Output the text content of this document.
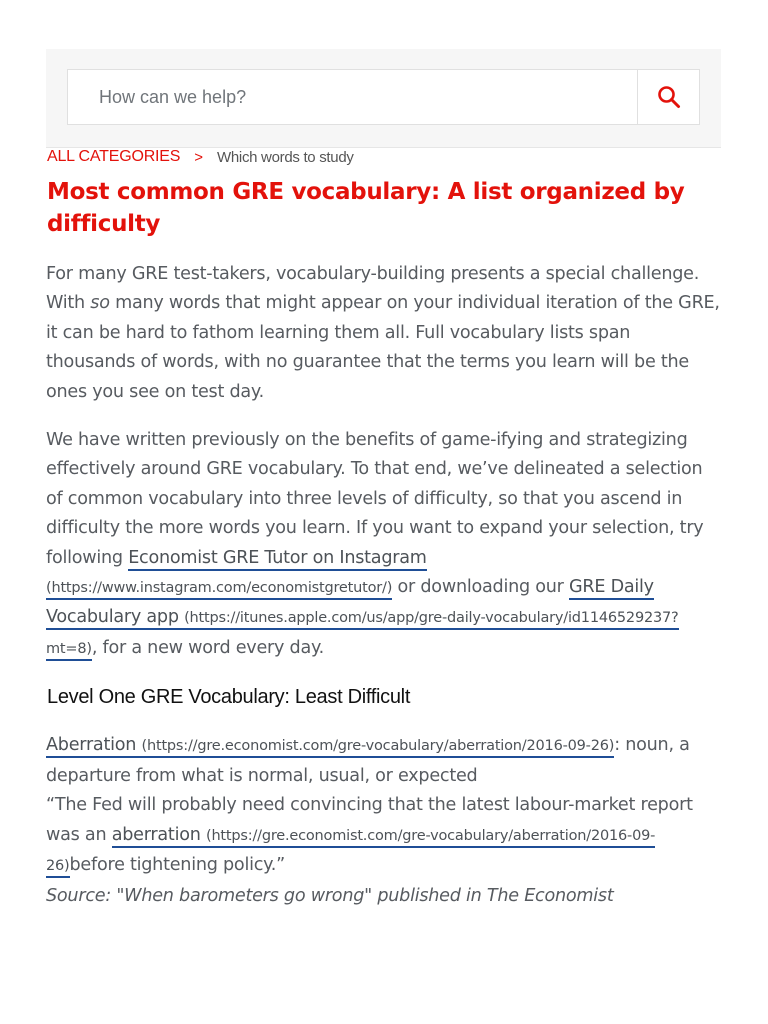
How can we help?
ALL CATEGORIES > Which words to study
Most common GRE vocabulary: A list organized by difficulty

For many GRE test-takers, vocabulary-building presents a special challenge. With so many words that might appear on your individual iteration of the GRE, it can be hard to fathom learning them all. Full vocabulary lists span thousands of words, with no guarantee that the terms you learn will be the ones you see on test day.

We have written previously on the benefits of game-ifying and strategizing effectively around GRE vocabulary. To that end, we’ve delineated a selection of common vocabulary into three levels of difficulty, so that you ascend in difficulty the more words you learn. If you want to expand your selection, try following Economist GRE Tutor on Instagram
(https://www.instagram.com/economistgretutor/) or downloading our GRE Daily Vocabulary app (https://itunes.apple.com/us/app/gre-daily-vocabulary/id1146529237?mt=8), for a new word every day.

Level One GRE Vocabulary: Least Difficult

Aberration (https://gre.economist.com/gre-vocabulary/aberration/2016-09-26): noun, a departure from what is normal, usual, or expected
“The Fed will probably need convincing that the latest labour-market report was an aberration (https://gre.economist.com/gre-vocabulary/aberration/2016-09-26)before tightening policy.”
Source: "When barometers go wrong" published in The Economist
